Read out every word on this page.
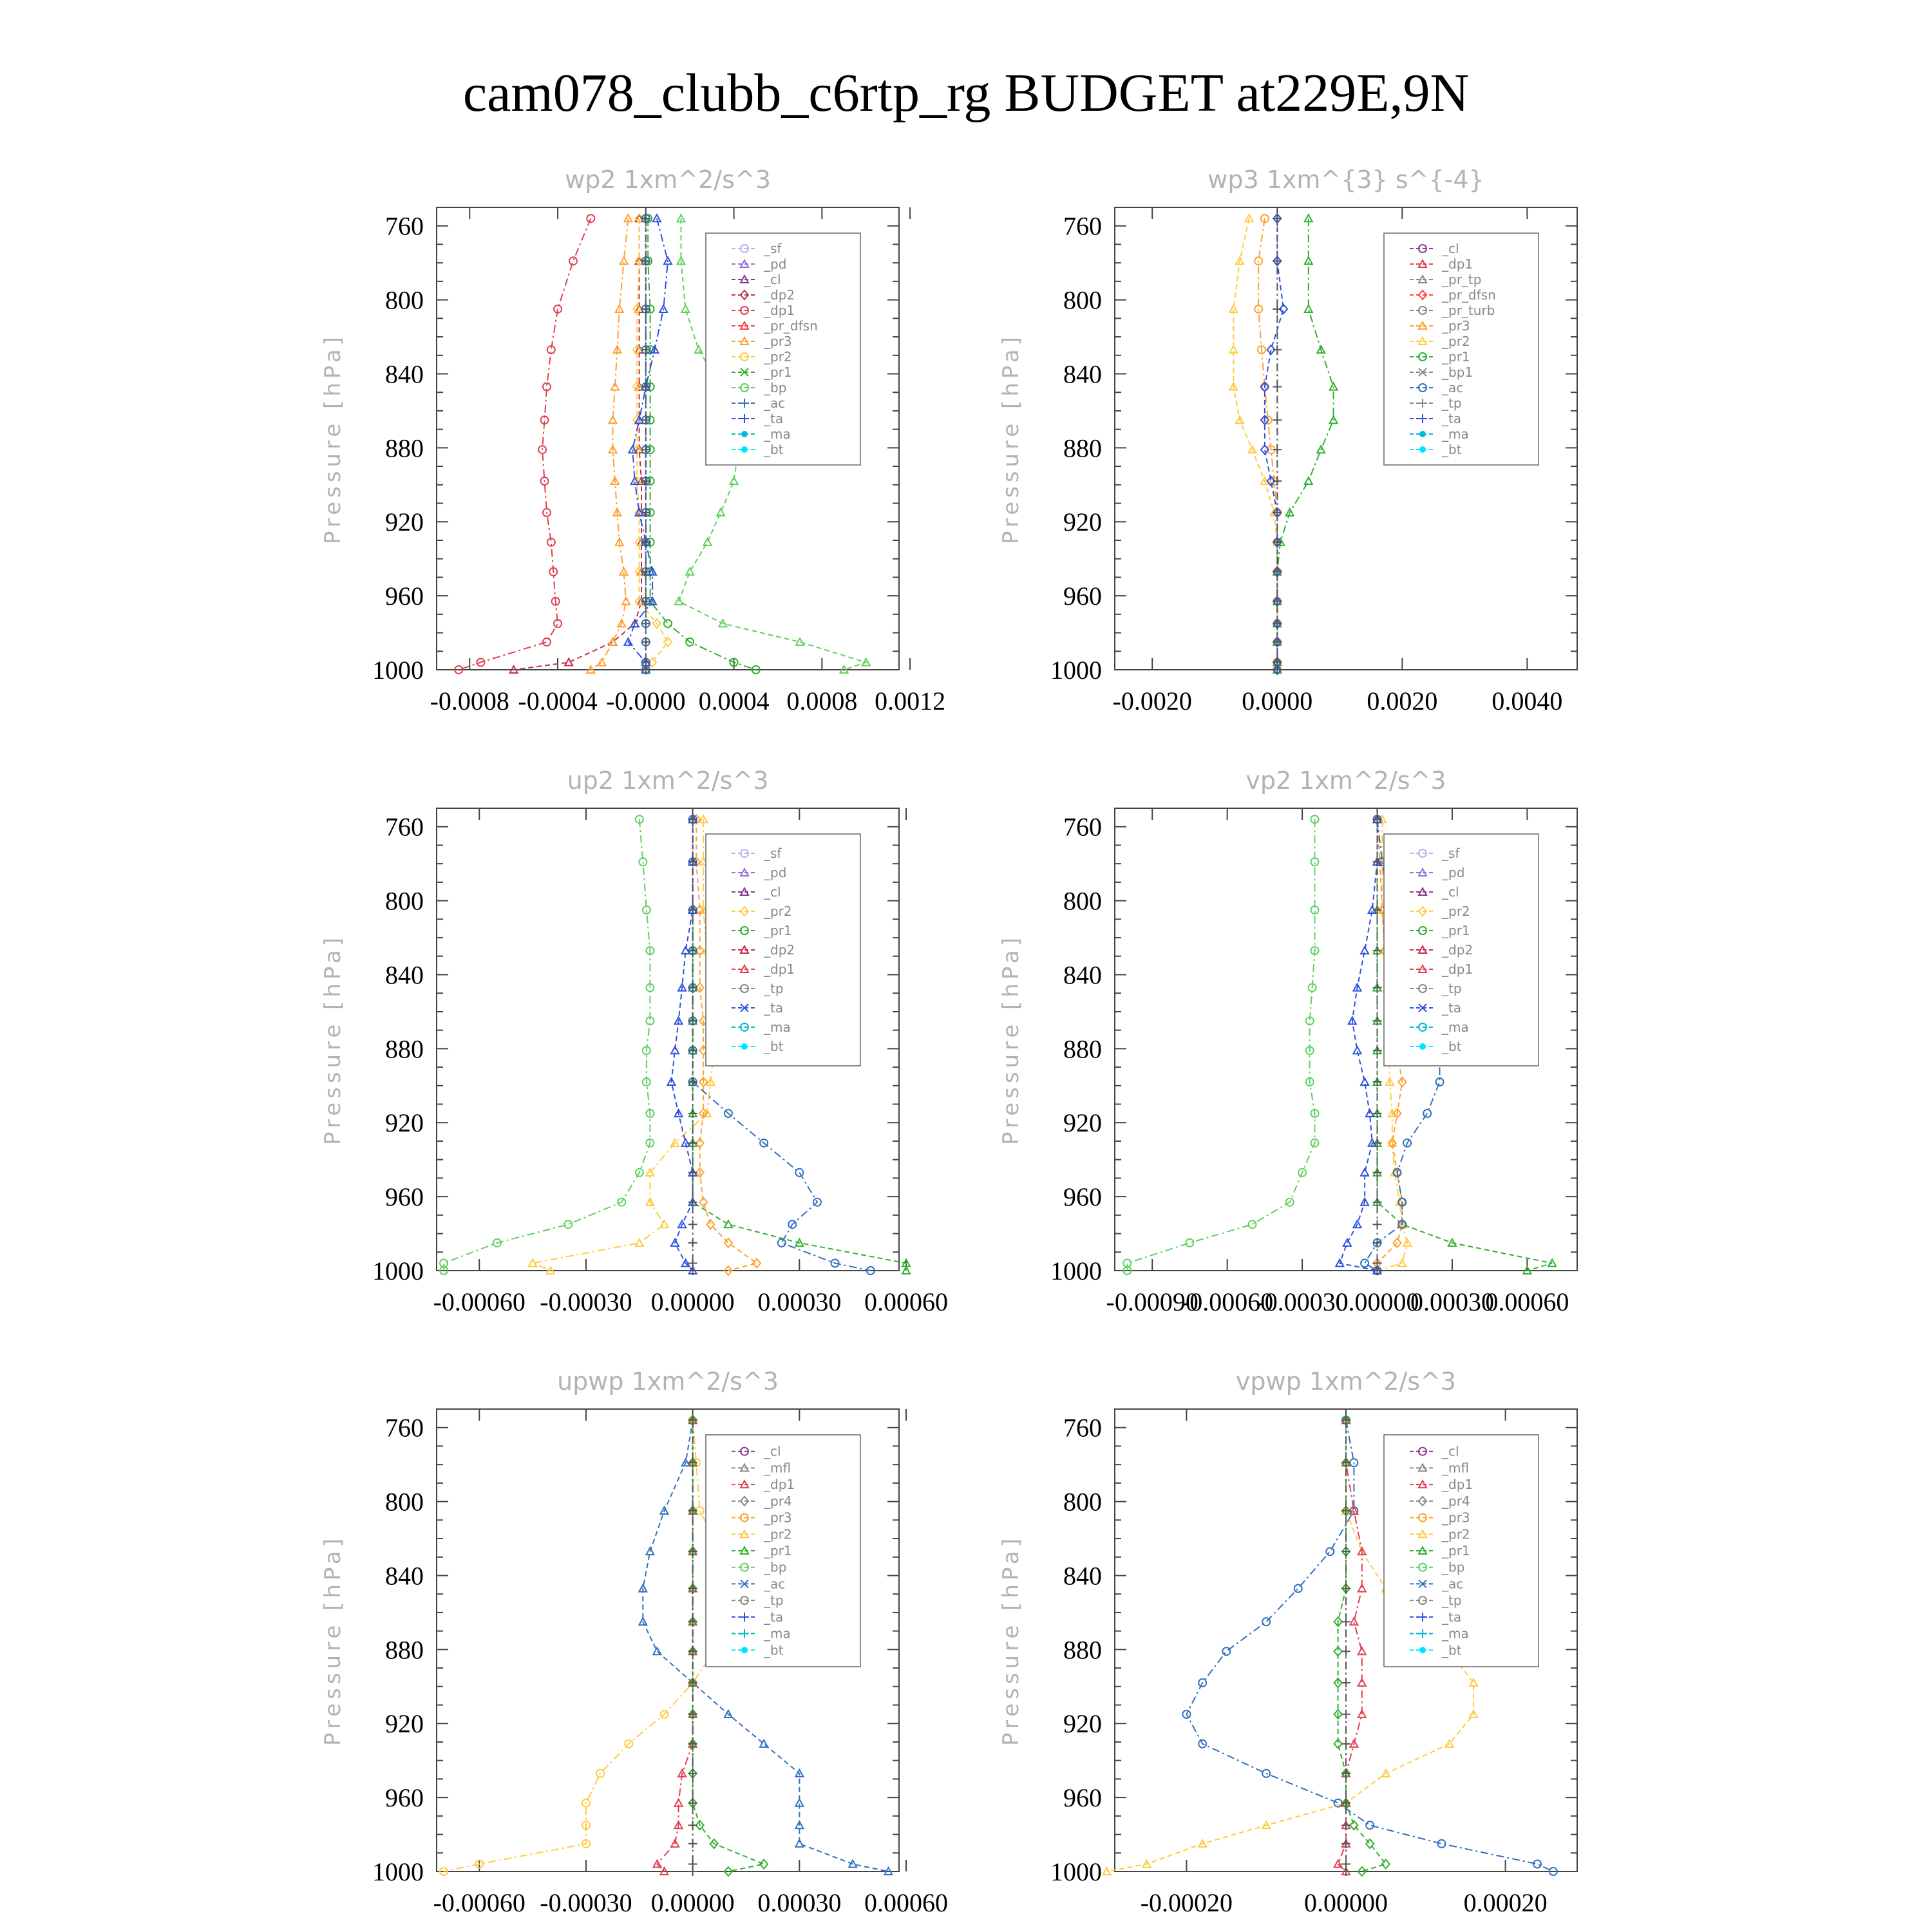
cam078_clubb_c6rtp_rg BUDGET at229E,9N
wp2 1xm^2/s^3
Pressure [hPa]
760
800
840
880
920
960
1000
-0.0008 -0.0004 -0.0000 0.0004 0.0008 0.0012
_sf
_pd
_cl
_dp2
_dp1
_pr_dfsn
_pr3
_pr2
_pr1
_bp
_ac
_ta
_ma
_bt
wp3 1xm^{3} s^{-4}
Pressure [hPa]
760
800
840
880
920
960
1000
-0.0020 0.0000 0.0020 0.0040
_cl
_dp1
_pr_tp
_pr_dfsn
_pr_turb
_pr3
_pr2
_pr1
_bp1
_ac
_tp
_ta
_ma
_bt
up2 1xm^2/s^3
Pressure [hPa]
760
800
840
880
920
960
1000
-0.00060 -0.00030 0.00000 0.00030 0.00060
_sf
_pd
_cl
_pr2
_pr1
_dp2
_dp1
_tp
_ta
_ma
_bt
vp2 1xm^2/s^3
Pressure [hPa]
760
800
840
880
920
960
1000
-0.00090
-0.00060
-0.00030
0.00000
0.00030
0.00060
_sf
_pd
_cl
_pr2
_pr1
_dp2
_dp1
_tp
_ta
_ma
_bt
upwp 1xm^2/s^3
Pressure [hPa]
760
800
840
880
920
960
1000
-0.00060 -0.00030 0.00000 0.00030 0.00060
_cl
_mfl
_dp1
_pr4
_pr3
_pr2
_pr1
_bp
_ac
_tp
_ta
_ma
_bt
vpwp 1xm^2/s^3
Pressure [hPa]
760
800
840
880
920
960
1000
-0.00020	0.00000	0.00020
_cl
_mfl
_dp1
_pr4
_pr3
_pr2
_pr1
_bp
_ac
_tp
_ta
_ma
_bt
